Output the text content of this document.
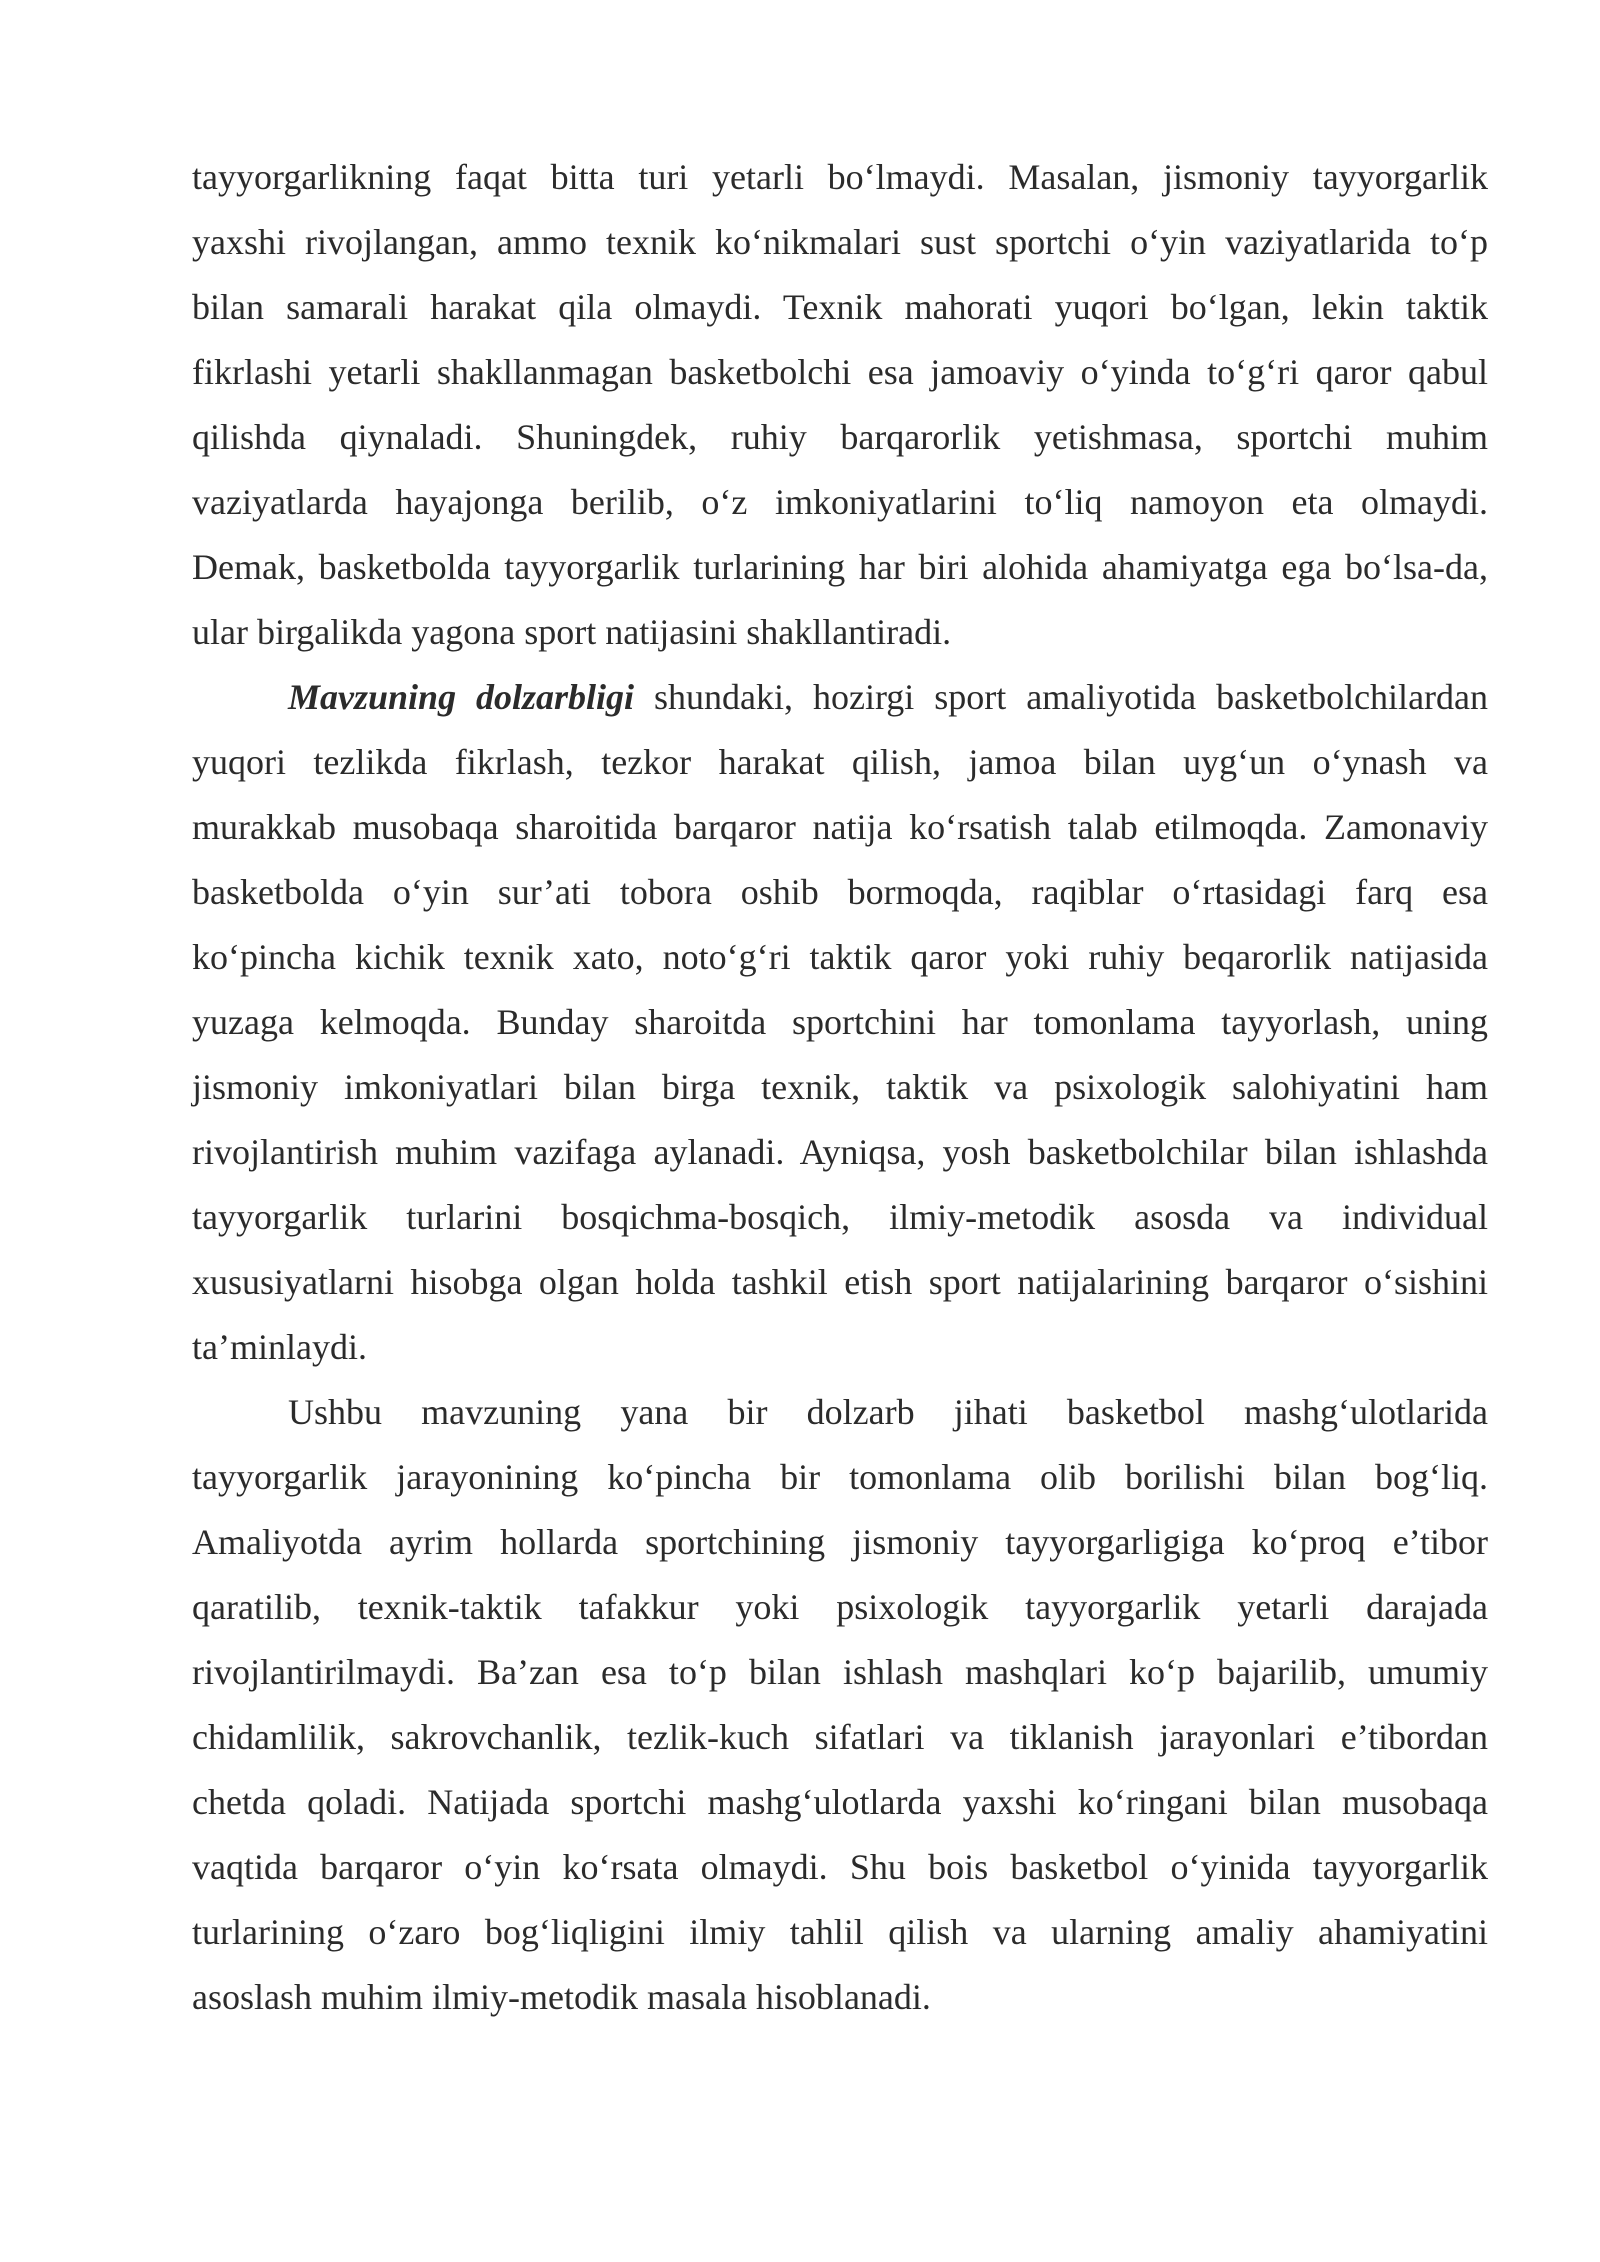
tayyorgarlikning faqat bitta turi yetarli bo‘lmaydi. Masalan, jismoniy tayyorgarlik
yaxshi rivojlangan, ammo texnik ko‘nikmalari sust sportchi o‘yin vaziyatlarida to‘p
bilan samarali harakat qila olmaydi. Texnik mahorati yuqori bo‘lgan, lekin taktik
fikrlashi yetarli shakllanmagan basketbolchi esa jamoaviy o‘yinda to‘g‘ri qaror qabul
qilishda qiynaladi. Shuningdek, ruhiy barqarorlik yetishmasa, sportchi muhim
vaziyatlarda hayajonga berilib, o‘z imkoniyatlarini to‘liq namoyon eta olmaydi.
Demak, basketbolda tayyorgarlik turlarining har biri alohida ahamiyatga ega bo‘lsa-da,
ular birgalikda yagona sport natijasini shakllantiradi.
Mavzuning dolzarbligi shundaki, hozirgi sport amaliyotida basketbolchilardan
yuqori tezlikda fikrlash, tezkor harakat qilish, jamoa bilan uyg‘un o‘ynash va
murakkab musobaqa sharoitida barqaror natija ko‘rsatish talab etilmoqda. Zamonaviy
basketbolda o‘yin sur’ati tobora oshib bormoqda, raqiblar o‘rtasidagi farq esa
ko‘pincha kichik texnik xato, noto‘g‘ri taktik qaror yoki ruhiy beqarorlik natijasida
yuzaga kelmoqda. Bunday sharoitda sportchini har tomonlama tayyorlash, uning
jismoniy imkoniyatlari bilan birga texnik, taktik va psixologik salohiyatini ham
rivojlantirish muhim vazifaga aylanadi. Ayniqsa, yosh basketbolchilar bilan ishlashda
tayyorgarlik turlarini bosqichma-bosqich, ilmiy-metodik asosda va individual
xususiyatlarni hisobga olgan holda tashkil etish sport natijalarining barqaror o‘sishini
ta’minlaydi.
Ushbu mavzuning yana bir dolzarb jihati basketbol mashg‘ulotlarida
tayyorgarlik jarayonining ko‘pincha bir tomonlama olib borilishi bilan bog‘liq.
Amaliyotda ayrim hollarda sportchining jismoniy tayyorgarligiga ko‘proq e’tibor
qaratilib, texnik-taktik tafakkur yoki psixologik tayyorgarlik yetarli darajada
rivojlantirilmaydi. Ba’zan esa to‘p bilan ishlash mashqlari ko‘p bajarilib, umumiy
chidamlilik, sakrovchanlik, tezlik-kuch sifatlari va tiklanish jarayonlari e’tibordan
chetda qoladi. Natijada sportchi mashg‘ulotlarda yaxshi ko‘ringani bilan musobaqa
vaqtida barqaror o‘yin ko‘rsata olmaydi. Shu bois basketbol o‘yinida tayyorgarlik
turlarining o‘zaro bog‘liqligini ilmiy tahlil qilish va ularning amaliy ahamiyatini
asoslash muhim ilmiy-metodik masala hisoblanadi.
